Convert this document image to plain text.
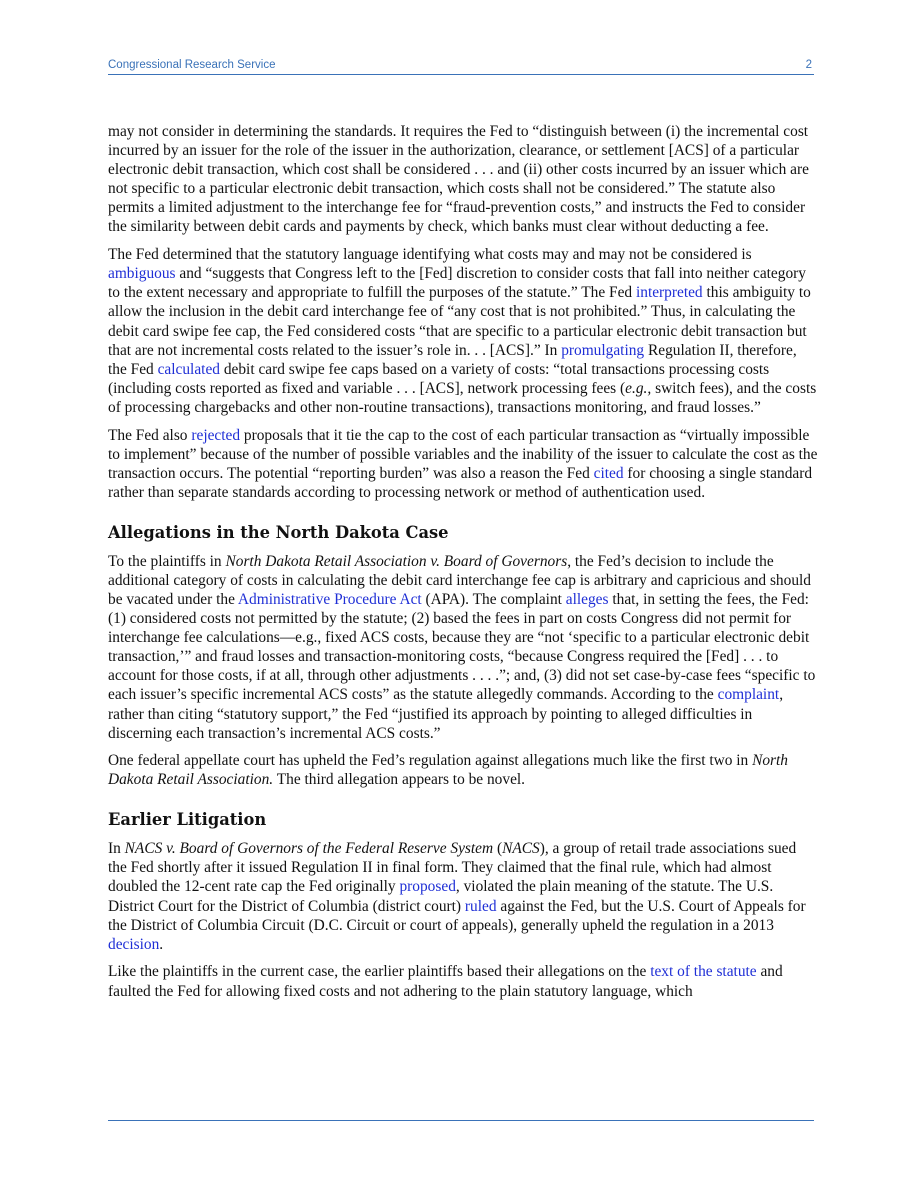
Congressional Research Service	2

may not consider in determining the standards. It requires the Fed to “distinguish between (i) the incremental cost incurred by an issuer for the role of the issuer in the authorization, clearance, or settlement [ACS] of a particular electronic debit transaction, which cost shall be considered . . . and (ii) other costs incurred by an issuer which are not specific to a particular electronic debit transaction, which costs shall not be considered.” The statute also permits a limited adjustment to the interchange fee for “fraud-prevention costs,” and instructs the Fed to consider the similarity between debit cards and payments by check, which banks must clear without deducting a fee.

The Fed determined that the statutory language identifying what costs may and may not be considered is ambiguous and “suggests that Congress left to the [Fed] discretion to consider costs that fall into neither category to the extent necessary and appropriate to fulfill the purposes of the statute.” The Fed interpreted this ambiguity to allow the inclusion in the debit card interchange fee of “any cost that is not prohibited.” Thus, in calculating the debit card swipe fee cap, the Fed considered costs “that are specific to a particular electronic debit transaction but that are not incremental costs related to the issuer’s role in. . . [ACS].” In promulgating Regulation II, therefore, the Fed calculated debit card swipe fee caps based on a variety of costs: “total transactions processing costs (including costs reported as fixed and variable . . . [ACS], network processing fees (e.g., switch fees), and the costs of processing chargebacks and other non-routine transactions), transactions monitoring, and fraud losses.”

The Fed also rejected proposals that it tie the cap to the cost of each particular transaction as “virtually impossible to implement” because of the number of possible variables and the inability of the issuer to calculate the cost as the transaction occurs. The potential “reporting burden” was also a reason the Fed cited for choosing a single standard rather than separate standards according to processing network or method of authentication used.

Allegations in the North Dakota Case

To the plaintiffs in North Dakota Retail Association v. Board of Governors, the Fed’s decision to include the additional category of costs in calculating the debit card interchange fee cap is arbitrary and capricious and should be vacated under the Administrative Procedure Act (APA). The complaint alleges that, in setting the fees, the Fed: (1) considered costs not permitted by the statute; (2) based the fees in part on costs Congress did not permit for interchange fee calculations—e.g., fixed ACS costs, because they are “not ‘specific to a particular electronic debit transaction,’” and fraud losses and transaction-monitoring costs, “because Congress required the [Fed] . . . to account for those costs, if at all, through other adjustments . . . .”; and, (3) did not set case-by-case fees “specific to each issuer’s specific incremental ACS costs” as the statute allegedly commands. According to the complaint, rather than citing “statutory support,” the Fed “justified its approach by pointing to alleged difficulties in discerning each transaction’s incremental ACS costs.”

One federal appellate court has upheld the Fed’s regulation against allegations much like the first two in North Dakota Retail Association. The third allegation appears to be novel.

Earlier Litigation

In NACS v. Board of Governors of the Federal Reserve System (NACS), a group of retail trade associations sued the Fed shortly after it issued Regulation II in final form. They claimed that the final rule, which had almost doubled the 12-cent rate cap the Fed originally proposed, violated the plain meaning of the statute. The U.S. District Court for the District of Columbia (district court) ruled against the Fed, but the U.S. Court of Appeals for the District of Columbia Circuit (D.C. Circuit or court of appeals), generally upheld the regulation in a 2013 decision.

Like the plaintiffs in the current case, the earlier plaintiffs based their allegations on the text of the statute and faulted the Fed for allowing fixed costs and not adhering to the plain statutory language, which
